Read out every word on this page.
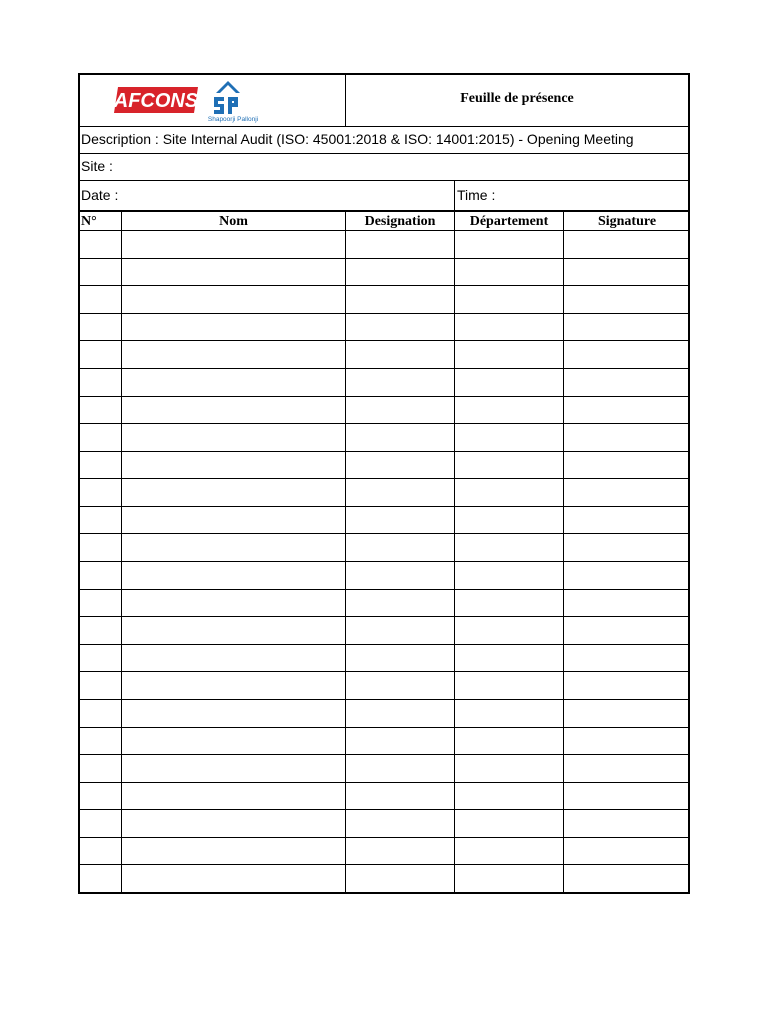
AFCONS
Shapoorji Pallonji
Feuille de présence
Description : Site Internal Audit (ISO: 45001:2018 & ISO: 14001:2015) - Opening Meeting
Site :
Date :	Time :
N°	Nom	Designation	Département	Signature
